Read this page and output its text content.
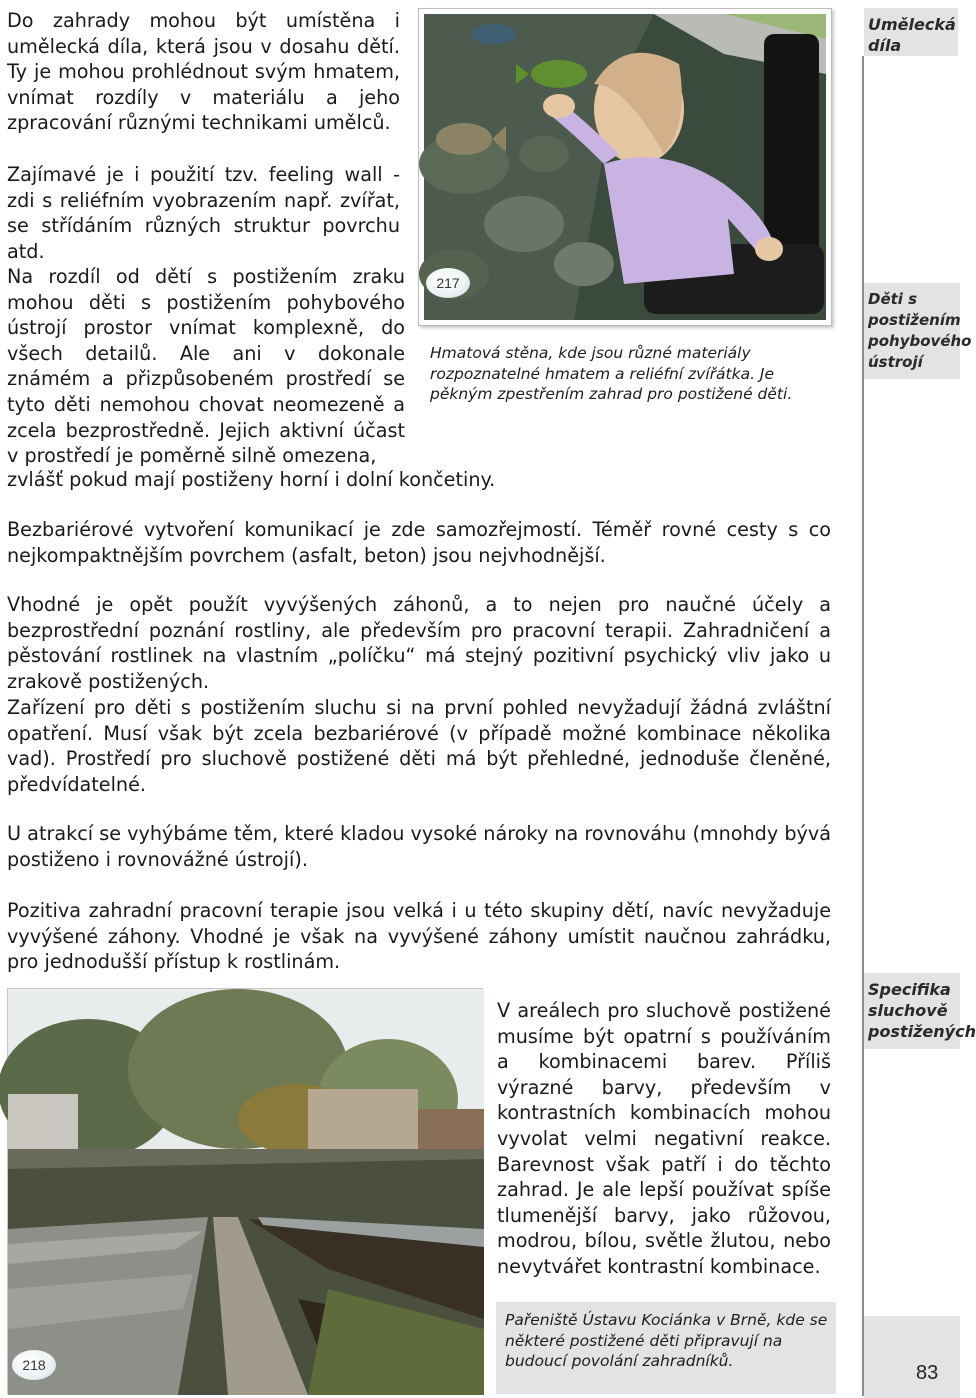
Do zahrady mohou být umístěna i umělecká díla, která jsou v dosahu dětí. Ty je mohou prohlédnout svým hmatem, vnímat rozdíly v materiálu a jeho zpracování různými technikami umělců.

Zajímavé je i použití tzv. feeling wall - zdi s reliéfním vyobrazením např. zvířat, se střídáním různých struktur povrchu atd.

Na rozdíl od dětí s postižením zraku mohou děti s postižením pohybového ústrojí prostor vnímat komplexně, do všech detailů. Ale ani v dokonale známém a přizpůsobeném prostředí se tyto děti nemohou chovat neomezeně a zcela bezprostředně. Jejich aktivní účast v prostředí je poměrně silně omezena,

zvlášť pokud mají postiženy horní i dolní končetiny.

217

Hmatová stěna, kde jsou různé materiály rozpoznatelné hmatem a reliéfní zvířátka. Je pěkným zpestřením zahrad pro postižené děti.

Bezbariérové vytvoření komunikací je zde samozřejmostí. Téměř rovné cesty s co nejkompaktnějším povrchem (asfalt, beton) jsou nejvhodnější.

Vhodné je opět použít vyvýšených záhonů, a to nejen pro naučné účely a bezprostřední poznání rostliny, ale především pro pracovní terapii. Zahradničení a pěstování rostlinek na vlastním „políčku“ má stejný pozitivní psychický vliv jako u zrakově postižených.

Zařízení pro děti s postižením sluchu si na první pohled nevyžadují žádná zvláštní opatření. Musí však být zcela bezbariérové (v případě možné kombinace několika vad). Prostředí pro sluchově postižené děti má být přehledné, jednoduše členěné, předvídatelné.

U atrakcí se vyhýbáme těm, které kladou vysoké nároky na rovnováhu (mnohdy bývá postiženo i rovnovážné ústrojí).

Pozitiva zahradní pracovní terapie jsou velká i u této skupiny dětí, navíc nevyžaduje vyvýšené záhony. Vhodné je však na vyvýšené záhony umístit naučnou zahrádku, pro jednodušší přístup k rostlinám.

218

V areálech pro sluchově postižené musíme být opatrní s používáním a kombinacemi barev. Příliš výrazné barvy, především v kontrastních kombinacích mohou vyvolat velmi negativní reakce. Barevnost však patří i do těchto zahrad. Je ale lepší používat spíše tlumenější barvy, jako růžovou, modrou, bílou, světle žlutou, nebo nevytvářet kontrastní kombinace.

Pařeniště Ústavu Kociánka v Brně, kde se některé postižené děti připravují na budoucí povolání zahradníků.

Umělecká díla
Děti s postižením pohybového ústrojí
Specifika sluchově postižených
83
